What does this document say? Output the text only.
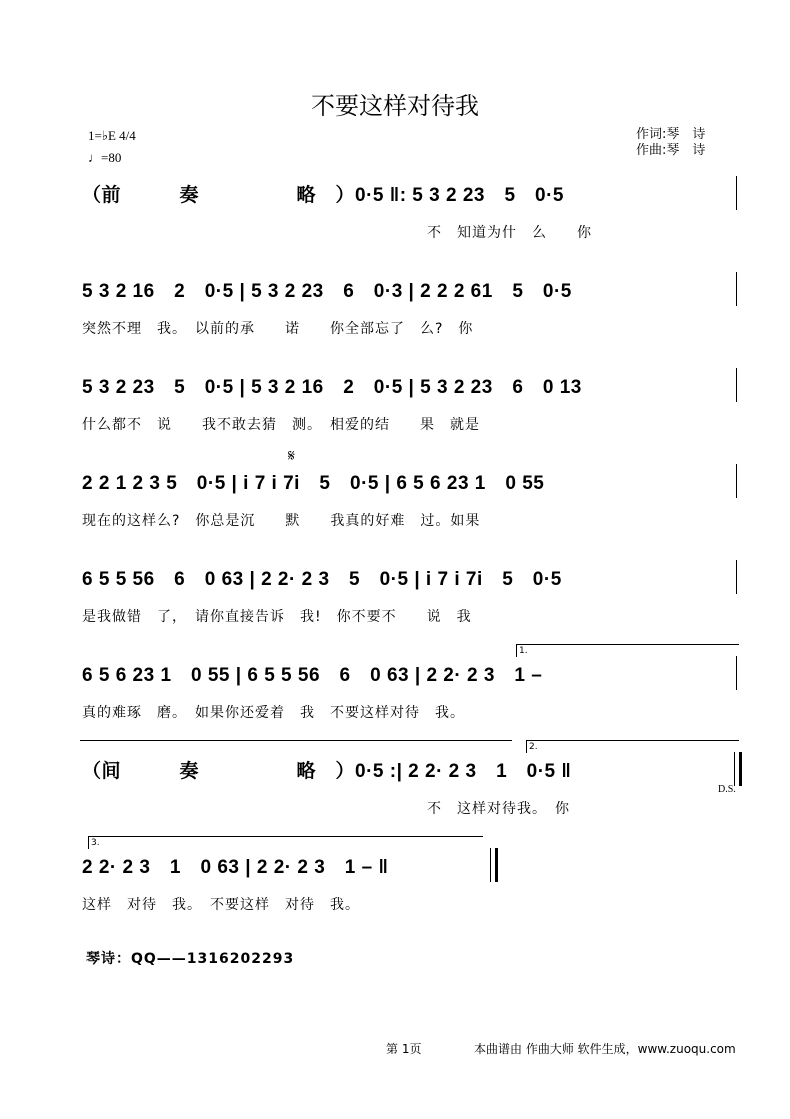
不要这样对待我
1=♭E 4/4
♩=80
作词:琴　诗
作曲:琴　诗
（前　　　奏　　　　　略　）0·5 ‖: 5 3 2 23　5　0·5
　　　　　　　　　　　　　　　　　　　　　　　不　知道为什　么　　你
5 3 2 16　2　0·5 | 5 3 2 23　6　0·3 | 2 2 2 61　5　0·5
突然不理　我。　以前的承　　诺　　你全部忘了　么?　你
5 3 2 23　5　0·5 | 5 3 2 16　2　0·5 | 5 3 2 23　6　0 13
什么都不　说　　我不敢去猜　测。　相爱的结　　果　就是
𝄋
2 2 1 2 3 5　0·5 | i 7 i 7i　5　0·5 | 6 5 6 23 1　0 55
现在的这样么?　你总是沉　　默　　我真的好难　过。如果
6 5 5 56　6　0 63 | 2 2· 2 3　5　0·5 | i 7 i 7i　5　0·5
是我做错　了，　请你直接告诉　我!　你不要不　　说　我
1.
6 5 6 23 1　0 55 | 6 5 5 56　6　0 63 | 2 2· 2 3　1 –
真的难琢　磨。　如果你还爱着　我　不要这样对待　我。
2.
（间　　　奏　　　　　略　）0·5 :| 2 2· 2 3　1　0·5 ‖
D.S.
　　　　　　　　　　　　　　　　　　　　　　　不　这样对待我。　你
3.
2 2· 2 3　1　0 63 | 2 2· 2 3　1 – ‖
这样　对待　我。　不要这样　对待　我。
琴诗：QQ——1316202293
第 1页	本曲谱由 作曲大师 软件生成，www.zuoqu.com
